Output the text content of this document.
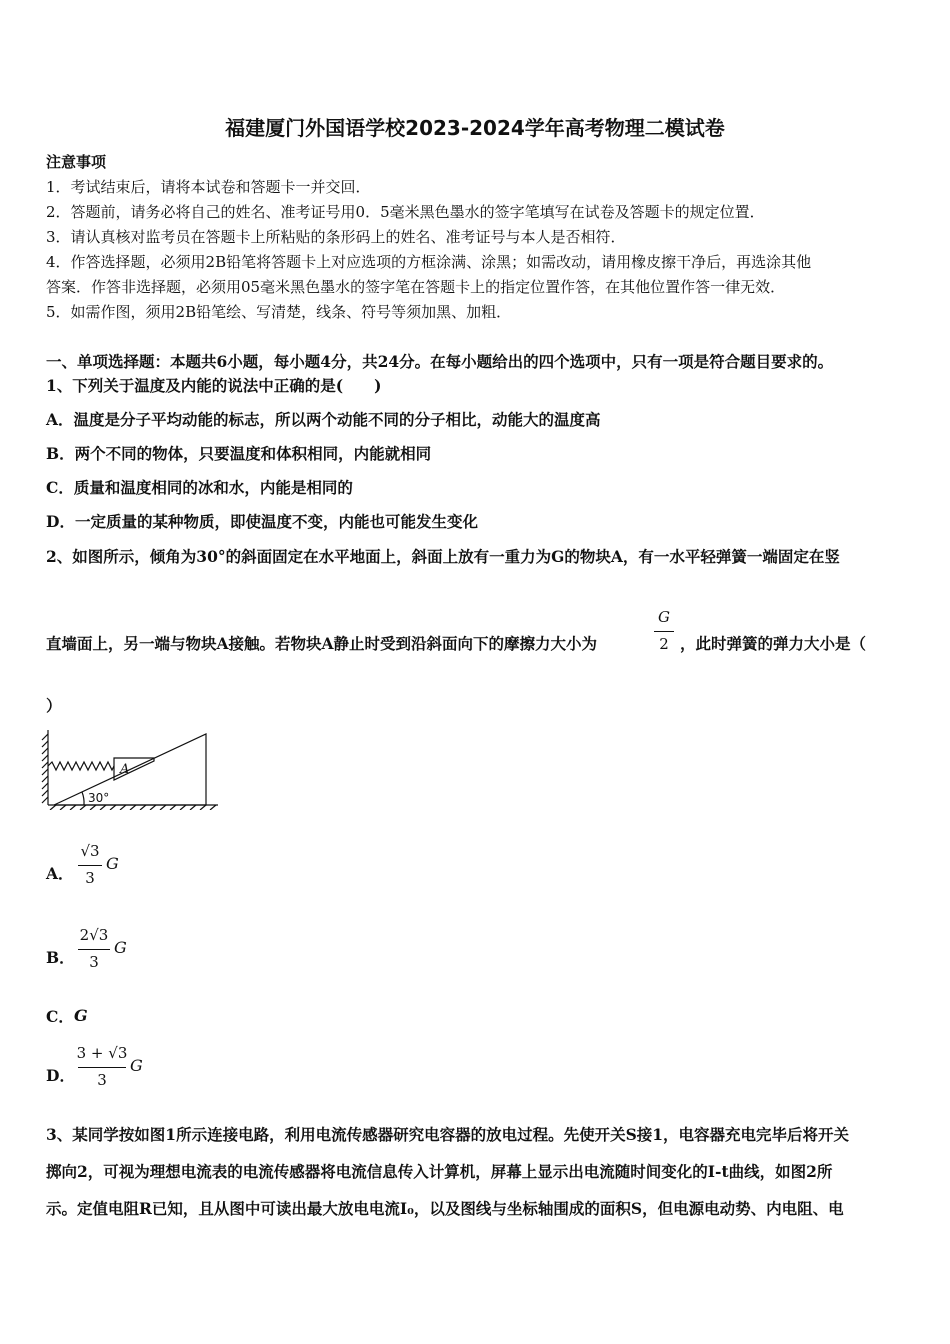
福建厦门外国语学校2023-2024学年高考物理二模试卷
注意事项
1．考试结束后，请将本试卷和答题卡一并交回．
2．答题前，请务必将自己的姓名、准考证号用0．5毫米黑色墨水的签字笔填写在试卷及答题卡的规定位置．
3．请认真核对监考员在答题卡上所粘贴的条形码上的姓名、准考证号与本人是否相符．
4．作答选择题，必须用2B铅笔将答题卡上对应选项的方框涂满、涂黑；如需改动，请用橡皮擦干净后，再选涂其他
答案．作答非选择题，必须用05毫米黑色墨水的签字笔在答题卡上的指定位置作答，在其他位置作答一律无效．
5．如需作图，须用2B铅笔绘、写清楚，线条、符号等须加黑、加粗．
一、单项选择题：本题共6小题，每小题4分，共24分。在每小题给出的四个选项中，只有一项是符合题目要求的。
1、下列关于温度及内能的说法中正确的是(　　)
A．温度是分子平均动能的标志，所以两个动能不同的分子相比，动能大的温度高
B．两个不同的物体，只要温度和体积相同，内能就相同
C．质量和温度相同的冰和水，内能是相同的
D．一定质量的某种物质，即使温度不变，内能也可能发生变化
2、如图所示，倾角为30°的斜面固定在水平地面上，斜面上放有一重力为G的物块A，有一水平轻弹簧一端固定在竖
直墙面上，另一端与物块A接触。若物块A静止时受到沿斜面向下的摩擦力大小为
G
2 ，此时弹簧的弹力大小是（
）
A
30°
A．
√3
3
G
B．
2√3
3
G
C． G
D．
3 + √3
3
G
3、某同学按如图1所示连接电路，利用电流传感器研究电容器的放电过程。先使开关S接1，电容器充电完毕后将开关
掷向2，可视为理想电流表的电流传感器将电流信息传入计算机，屏幕上显示出电流随时间变化的I-t曲线，如图2所
示。定值电阻R已知，且从图中可读出最大放电电流I₀，以及图线与坐标轴围成的面积S，但电源电动势、内电阻、电
